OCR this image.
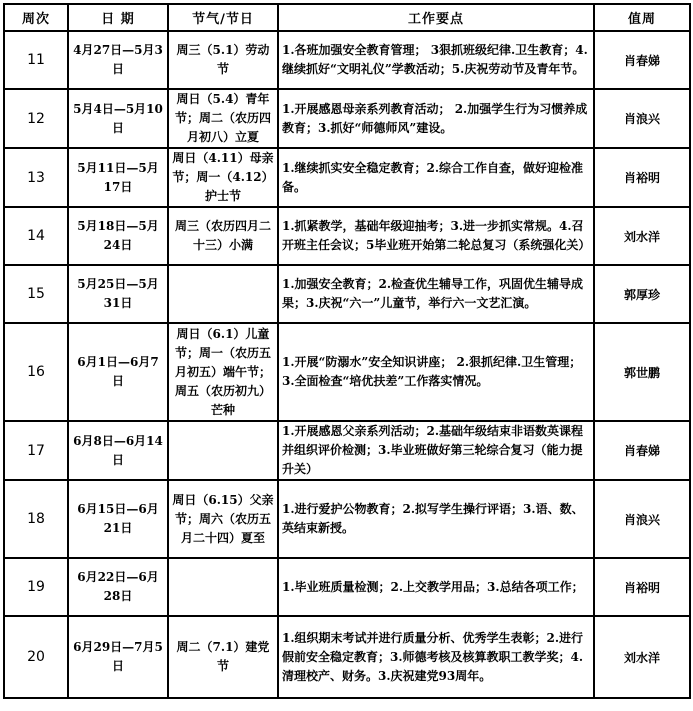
周次	日 期	节气/节日	工作要点	值周
11	4月27日—5月3日	周三（5.1）劳动节	1.各班加强安全教育管理； 3狠抓班级纪律.卫生教育；4.继续抓好“文明礼仪”学教活动；5.庆祝劳动节及青年节。	肖春娣
12	5月4日—5月10日	周日（5.4）青年节；周二（农历四月初八）立夏	1.开展感恩母亲系列教育活动； 2.加强学生行为习惯养成教育；3.抓好“师德师风”建设。	肖浪兴
13	5月11日—5月17日	周日（4.11）母亲节；周一（4.12）护士节	1.继续抓实安全稳定教育；2.综合工作自查，做好迎检准备。	肖裕明
14	5月18日—5月24日	周三（农历四月二十三）小满	1.抓紧教学，基础年级迎抽考；3.进一步抓实常规。4.召开班主任会议；5毕业班开始第二轮总复习（系统强化关）	刘水洋
15	5月25日—5月31日		1.加强安全教育；2.检查优生辅导工作，巩固优生辅导成果；3.庆祝“六一”儿童节，举行六一文艺汇演。	郭厚珍
16	6月1日—6月7日	周日（6.1）儿童节；周一（农历五月初五）端午节；周五（农历初九）芒种	1.开展“防溺水”安全知识讲座； 2.狠抓纪律.卫生管理；3.全面检查“培优扶差”工作落实情况。	郭世鹏
17	6月8日—6月14日		1.开展感恩父亲系列活动；2.基础年级结束非语数英课程并组织评价检测；3.毕业班做好第三轮综合复习（能力提升关）	肖春娣
18	6月15日—6月21日	周日（6.15）父亲节；周六（农历五月二十四）夏至	1.进行爱护公物教育；2.拟写学生操行评语；3.语、数、英结束新授。	肖浪兴
19	6月22日—6月28日		1.毕业班质量检测；2.上交教学用品；3.总结各项工作；	肖裕明
20	6月29日—7月5日	周二（7.1）建党节	1.组织期末考试并进行质量分析、优秀学生表彰；2.进行假前安全稳定教育；3.师德考核及核算教职工教学奖；4.清理校产、财务。3.庆祝建党93周年。	刘水洋
